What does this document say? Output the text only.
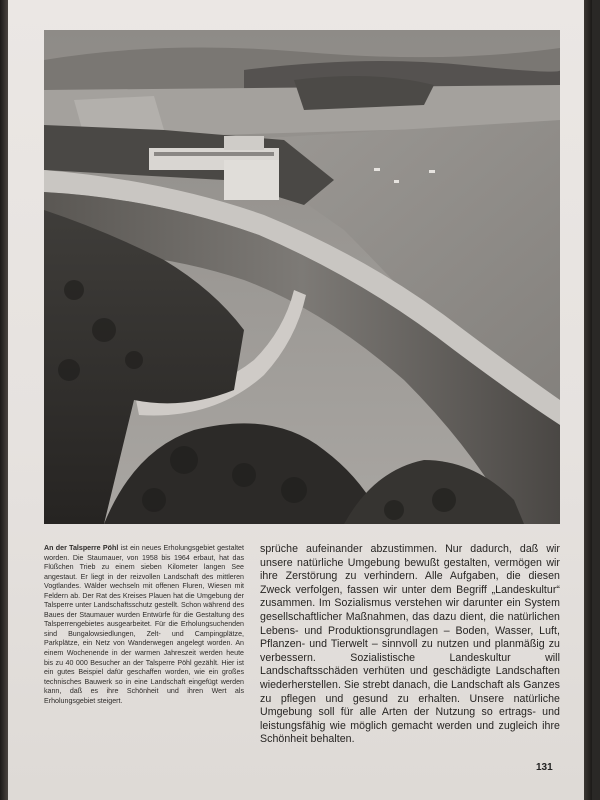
An der Talsperre Pöhl ist ein neues Erholungsgebiet gestaltet worden. Die Staumauer, von 1958 bis 1964 erbaut, hat das Flüßchen Trieb zu einem sieben Kilometer langen See angestaut. Er liegt in der reizvollen Landschaft des mittleren Vogtlandes. Wälder wechseln mit offenen Fluren, Wiesen mit Feldern ab. Der Rat des Kreises Plauen hat die Umgebung der Talsperre unter Landschaftsschutz gestellt. Schon während des Baues der Staumauer wurden Entwürfe für die Gestaltung des Talsperrengebietes ausgearbeitet. Für die Erholungsuchenden sind Bungalowsiedlungen, Zelt- und Campingplätze, Parkplätze, ein Netz von Wanderwegen angelegt worden. An einem Wochenende in der warmen Jahreszeit werden heute bis zu 40 000 Besucher an der Talsperre Pöhl gezählt. Hier ist ein gutes Beispiel dafür geschaffen worden, wie ein großes technisches Bauwerk so in eine Landschaft eingefügt werden kann, daß es ihre Schönheit und ihren Wert als Erholungsgebiet steigert.

sprüche aufeinander abzustimmen. Nur dadurch, daß wir unsere natürliche Umgebung bewußt gestalten, vermögen wir ihre Zerstörung zu verhindern. Alle Aufgaben, die diesen Zweck verfolgen, fassen wir unter dem Begriff „Landeskultur“ zusammen. Im Sozialismus verstehen wir darunter ein System gesellschaftlicher Maßnahmen, das dazu dient, die natürlichen Lebens- und Produktionsgrundlagen – Boden, Wasser, Luft, Pflanzen- und Tierwelt – sinnvoll zu nutzen und planmäßig zu verbessern. Sozialistische Landeskultur will Landschaftsschäden verhüten und geschädigte Landschaften wiederherstellen. Sie strebt danach, die Landschaft als Ganzes zu pflegen und gesund zu erhalten. Unsere natürliche Umgebung soll für alle Arten der Nutzung so ertrags- und leistungsfähig wie möglich gemacht werden und zugleich ihre Schönheit behalten.

131
